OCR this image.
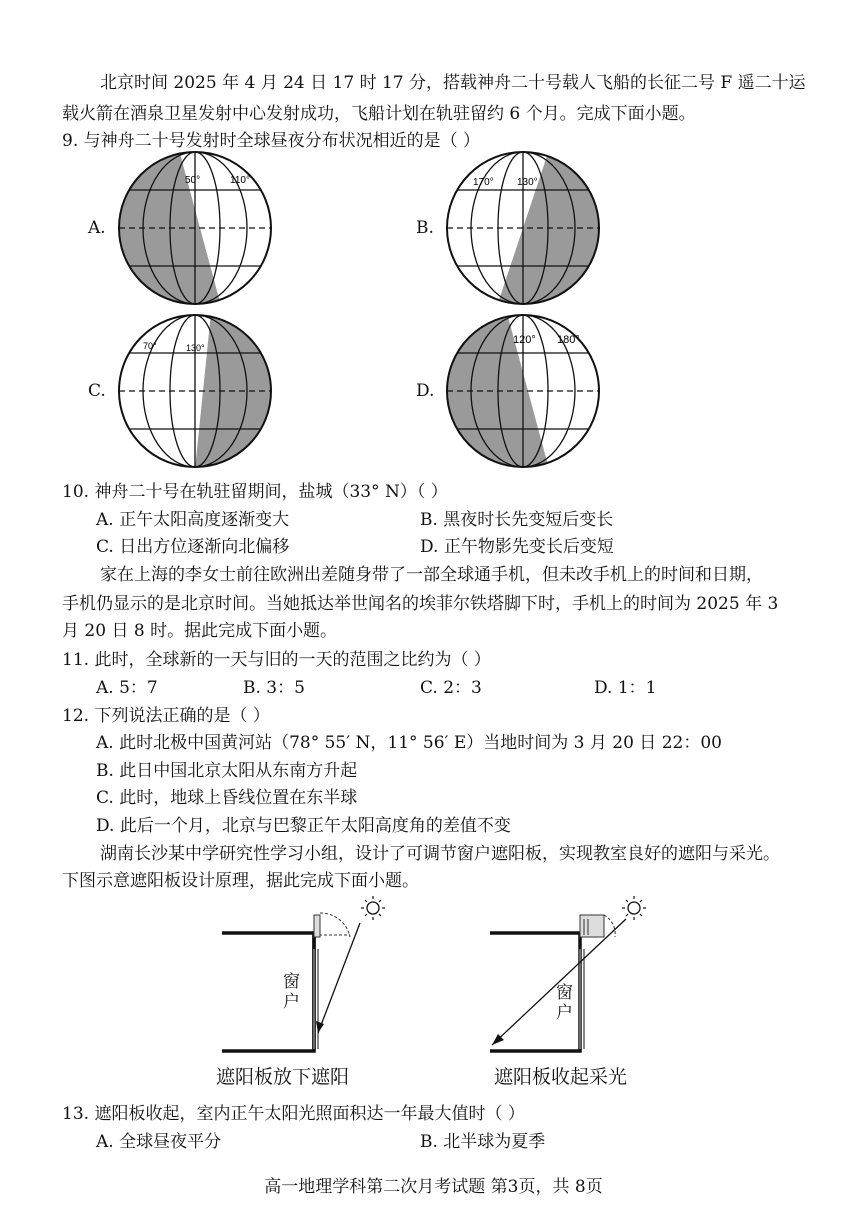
北京时间 2025 年 4 月 24 日 17 时 17 分，搭载神舟二十号载人飞船的长征二号 F 遥二十运
载火箭在酒泉卫星发射中心发射成功，飞船计划在轨驻留约 6 个月。完成下面小题。
9. 与神舟二十号发射时全球昼夜分布状况相近的是（ ）
A.	B.
C.	D.
50°	110°	170° 130°
70°	130°
120° 180°
10. 神舟二十号在轨驻留期间，盐城（33° N）（ ）
A. 正午太阳高度逐渐变大	B. 黑夜时长先变短后变长
C. 日出方位逐渐向北偏移	D. 正午物影先变长后变短
家在上海的李女士前往欧洲出差随身带了一部全球通手机，但未改手机上的时间和日期，
手机仍显示的是北京时间。当她抵达举世闻名的埃菲尔铁塔脚下时，手机上的时间为 2025 年 3
月 20 日 8 时。据此完成下面小题。
11. 此时，全球新的一天与旧的一天的范围之比约为（ ）
A. 5：7	B. 3：5	C. 2：3	D. 1：1
12. 下列说法正确的是（ ）
A. 此时北极中国黄河站（78° 55′ N，11° 56′ E）当地时间为 3 月 20 日 22：00
B. 此日中国北京太阳从东南方升起
C. 此时，地球上昏线位置在东半球
D. 此后一个月，北京与巴黎正午太阳高度角的差值不变
湖南长沙某中学研究性学习小组，设计了可调节窗户遮阳板，实现教室良好的遮阳与采光。
下图示意遮阳板设计原理，据此完成下面小题。
窗户	窗户
遮阳板放下遮阳	遮阳板收起采光
13. 遮阳板收起，室内正午太阳光照面积达一年最大值时（ ）
A. 全球昼夜平分	B. 北半球为夏季
高一地理学科第二次月考试题 第3页，共 8页
